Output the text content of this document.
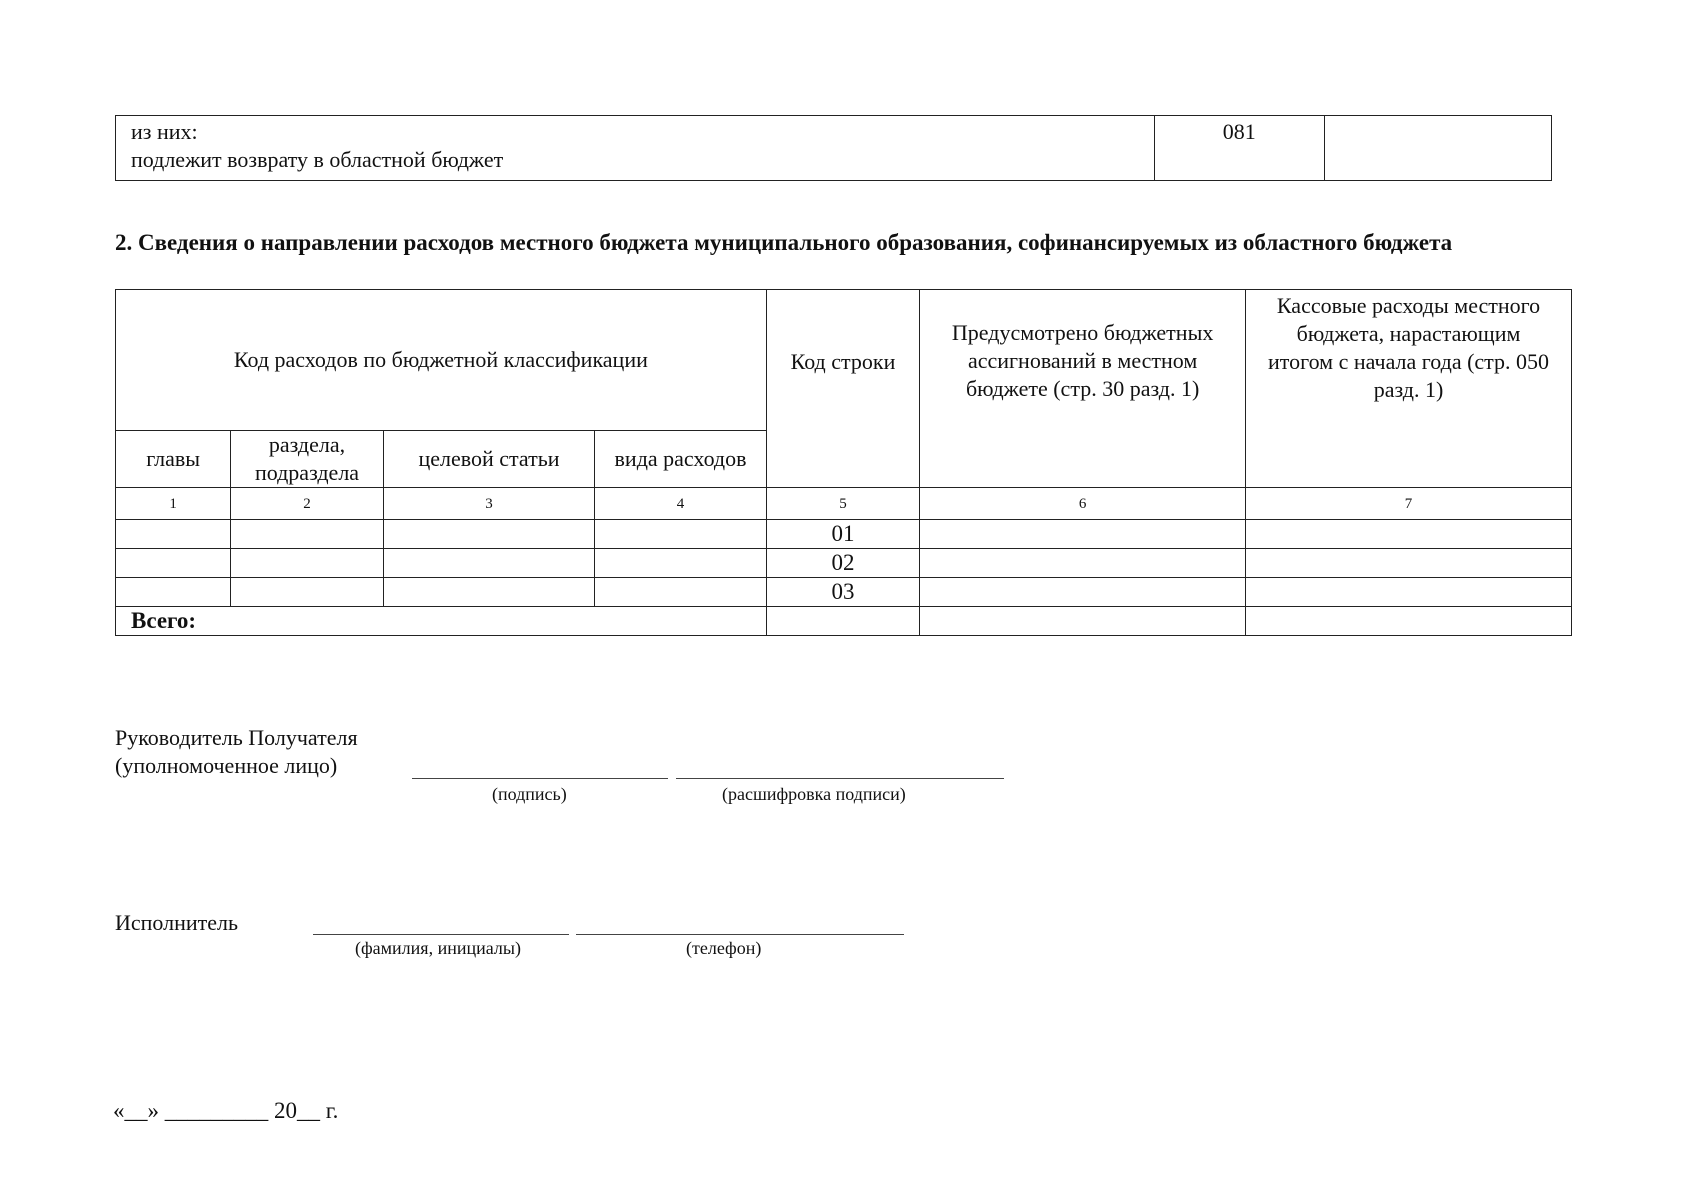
из них:
подлежит возврату в областной бюджет
	081	
2. Сведения о направлении расходов местного бюджета муниципального образования, софинансируемых из областного бюджета
Код расходов по бюджетной классификации				Код строки	Предусмотрено бюджетных ассигнований в местном бюджете (стр. 30 разд. 1)	Кассовые расходы местного бюджета, нарастающим итогом с начала года (стр. 050 разд. 1)
главы	раздела, подраздела	целевой статьи	вида расходов			
1	2	3	4	5	6	7
				01		
				02		
				03		
Всего:						
Руководитель Получателя
(уполномоченное лицо)
(подпись)	(расшифровка подписи)
Исполнитель
(фамилия, инициалы)	(телефон)
«__» _________ 20__ г.
